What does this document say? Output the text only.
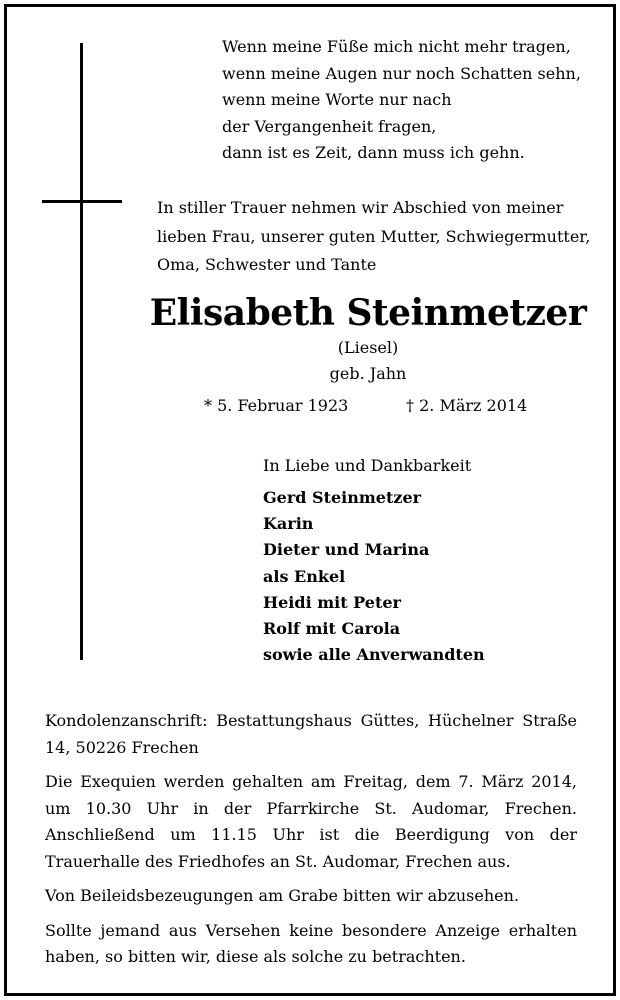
Wenn meine Füße mich nicht mehr tragen,
wenn meine Augen nur noch Schatten sehn,
wenn meine Worte nur nach
der Vergangenheit fragen,
dann ist es Zeit, dann muss ich gehn.
In stiller Trauer nehmen wir Abschied von meiner
lieben Frau, unserer guten Mutter, Schwiegermutter,
Oma, Schwester und Tante
Elisabeth Steinmetzer
(Liesel)
geb. Jahn
* 5. Februar 1923	† 2. März 2014
In Liebe und Dankbarkeit
Gerd Steinmetzer
Karin
Dieter und Marina
als Enkel
Heidi mit Peter
Rolf mit Carola
sowie alle Anverwandten

Kondolenzanschrift: Bestattungshaus Güttes, Hüchelner Straße 14, 50226 Frechen

Die Exequien werden gehalten am Freitag, dem 7. März 2014, um 10.30 Uhr in der Pfarrkirche St. Audomar, Frechen. Anschließend um 11.15 Uhr ist die Beerdigung von der Trauerhalle des Friedhofes an St. Audomar, Frechen aus.

Von Beileidsbezeugungen am Grabe bitten wir abzusehen.

Sollte jemand aus Versehen keine besondere Anzeige erhalten haben, so bitten wir, diese als solche zu betrachten.
